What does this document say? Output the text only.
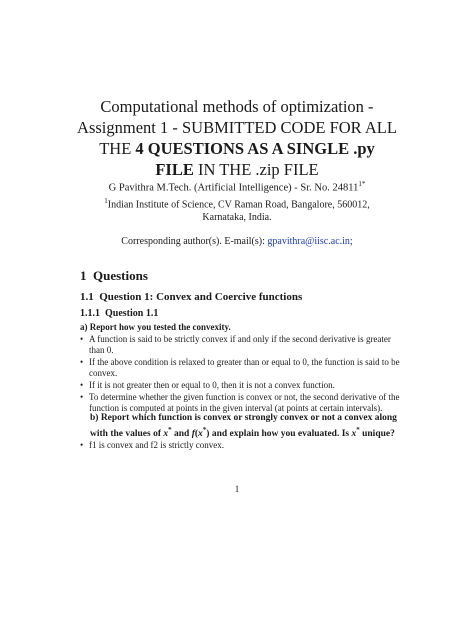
Computational methods of optimization -
Assignment 1 - SUBMITTED CODE FOR ALL
THE 4 QUESTIONS AS A SINGLE .py
FILE IN THE .zip FILE
G Pavithra M.Tech. (Artificial Intelligence) - Sr. No. $24811^{1*}$
$^1$Indian Institute of Science, CV Raman Road, Bangalore, 560012,
Karnataka, India.
Corresponding author(s). E-mail(s): gpavithra@iisc.ac.in;
1 Questions
1.1 Question 1: Convex and Coercive functions
1.1.1 Question 1.1
a) Report how you tested the convexity.
• A function is said to be strictly convex if and only if the second derivative is greater than 0.
• If the above condition is relaxed to greater than or equal to 0, the function is said to be convex.
• If it is not greater then or equal to 0, then it is not a convex function.
• To determine whether the given function is convex or not, the second derivative of the function is computed at points in the given interval (at points at certain intervals).
b) Report which function is convex or strongly convex or not a convex along with the values of x* and f(x*) and explain how you evaluated. Is x* unique?
• f1 is convex and f2 is strictly convex.
1
